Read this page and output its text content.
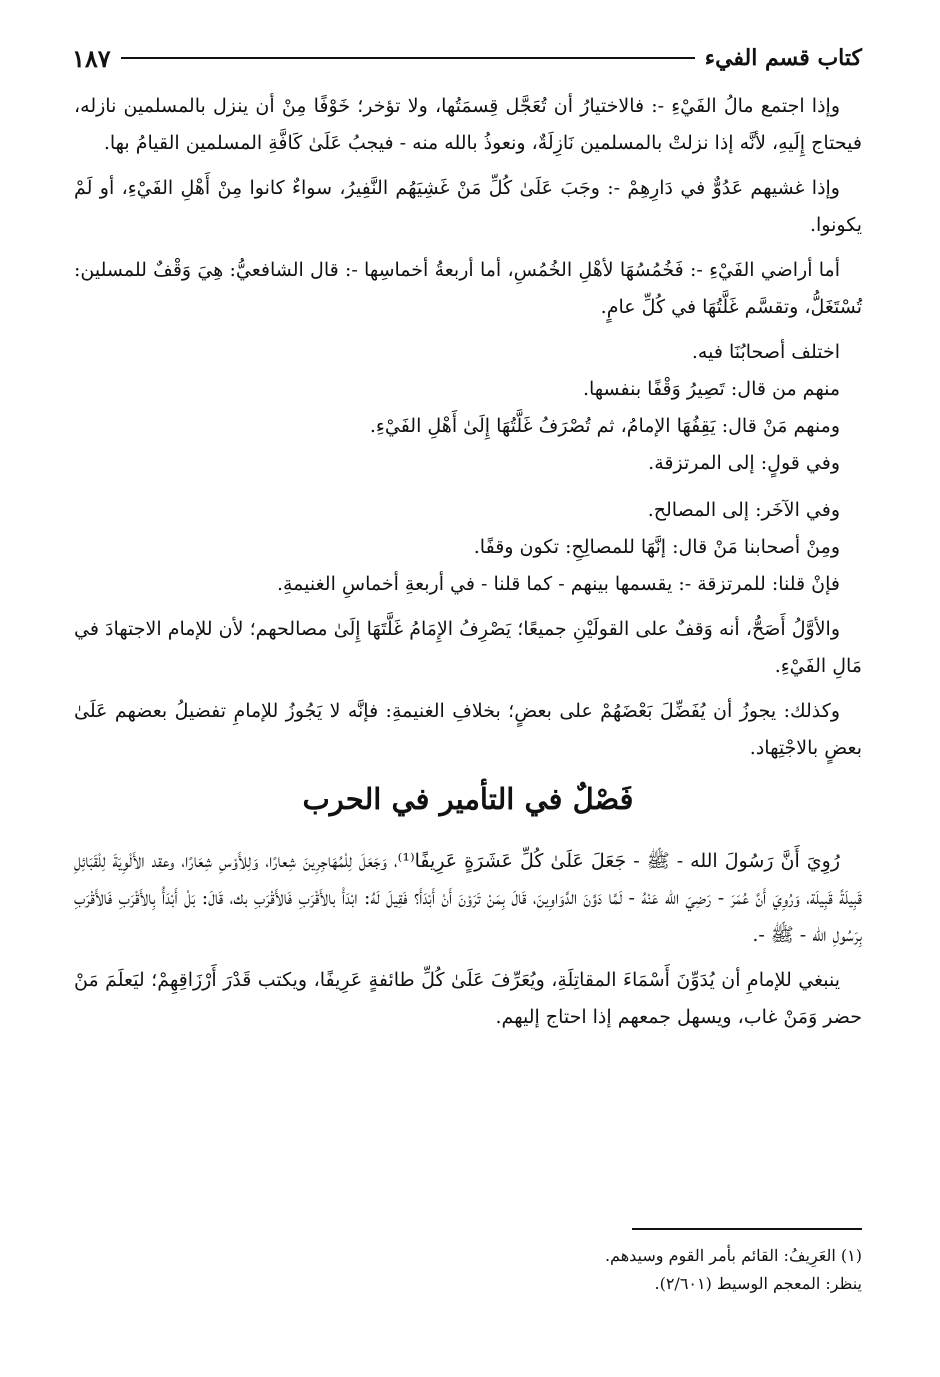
كتاب قسم الفيء
١٨٧

وإذا اجتمع مالُ الفَيْءِ -: فالاختيارُ أن تُعَجَّل قِسمَتُها، ولا تؤخر؛ خَوْفًا مِنْ أن ينزل بالمسلمين نازله، فيحتاج إِلَيهِ، لأنَّه إذا نزلتْ بالمسلمين نَازِلَةٌ، ونعوذُ بالله منه - فيجبُ عَلَىٰ كَافَّةِ المسلمين القيامُ بها.

وإذا غشيهم عَدُوٌّ في دَارِهِمْ -: وجَبَ عَلَىٰ كُلِّ مَنْ غَشِيَهُم النَّفِيرُ، سواءٌ كانوا مِنْ أَهْلِ الفَيْءِ، أو لَمْ يكونوا.

أما أراضي الفَيْءِ -: فَخُمُسُهَا لأهْلِ الخُمُسِ، أما أربعةُ أخماسِها -: قال الشافعيُّ: هِيَ وَقْفٌ للمسلين: تُسْتَغَلُّ، وتقسَّم غَلَّتُهَا في كُلِّ عامٍ.

اختلف أصحابُنَا فيه.

منهم من قال: تَصِيرُ وَقْفًا بنفسها.

ومنهم مَنْ قال: يَقِفُهَا الإمامُ، ثم تُصْرَفُ غَلَّتُهَا إِلَىٰ أَهْلِ الفَيْءِ.

وفي قولٍ: إلى المرتزقة.

وفي الآخَر: إلى المصالح.

ومِنْ أصحابنا مَنْ قال: إنَّهَا للمصالِحِ: تكون وقفًا.

فإنْ قلنا: للمرتزقة -: يقسمها بينهم - كما قلنا - في أربعةِ أخماسِ الغنيمةِ.

والأوَّلُ أَصَحُّ، أنه وَقفٌ على القولَيْنِ جميعًا؛ يَصْرِفُ الإِمَامُ غَلَّتَهَا إِلَىٰ مصالحهم؛ لأن للإمام الاجتهادَ في مَالِ الفَيْءِ.

وكذلك: يجوزُ أن يُفَضِّلَ بَعْضَهُمْ على بعضٍ؛ بخلافِ الغنيمةِ: فإنَّه لا يَجُوزُ للإمامِ تفضيلُ بعضهم عَلَىٰ بعضٍ بالاجْتِهاد.

فَصْلٌ في التأمير في الحرب

رُوِيَ أَنَّ رَسُولَ الله - ﷺ - جَعَلَ عَلَىٰ كُلِّ عَشَرَةٍ عَرِيفًا⁽¹⁾، وَجَعَلَ لِلْمُهَاجِرِينَ شِعارًا، وَلِلأَوْسِ شِعَارًا، وعقد الأَلْوِيَةَ لِلْقَبَائِلِ قَبِيلَةً قَبِيلَة، وَرُوِيَ أَنَّ عُمَرَ - رَضِيَ الله عَنْهُ - لَمَّا دَوَّنَ الدَّوَاوِينَ، قَالَ بِمَنْ تَرَوْنَ أَنْ أَبْدَأَ؟ فَقِيلَ لَهُ: ابْدَأْ بالأَقْرَبِ فَالأَقْرَبِ بك، قَالَ: بَلْ أَبْدَأُ بِالأَقْرَبِ فَالأَقْرَبِ بِرَسُولِ الله - ﷺ -.

ينبغي للإمامِ أن يُدَوِّنَ أَسْمَاءَ المقاتِلَةِ، ويُعَرِّفَ عَلَىٰ كُلِّ طائفةٍ عَرِيفًا، ويكتب قَدْرَ أَرْزَاقِهِمْ؛ ليَعلَمَ مَنْ حضر وَمَنْ غاب، ويسهل جمعهم إذا احتاج إليهم.

(١) العَرِيفُ: القائم بأمر القوم وسيدهم.

ينظر: المعجم الوسيط (٢/٦٠١).
